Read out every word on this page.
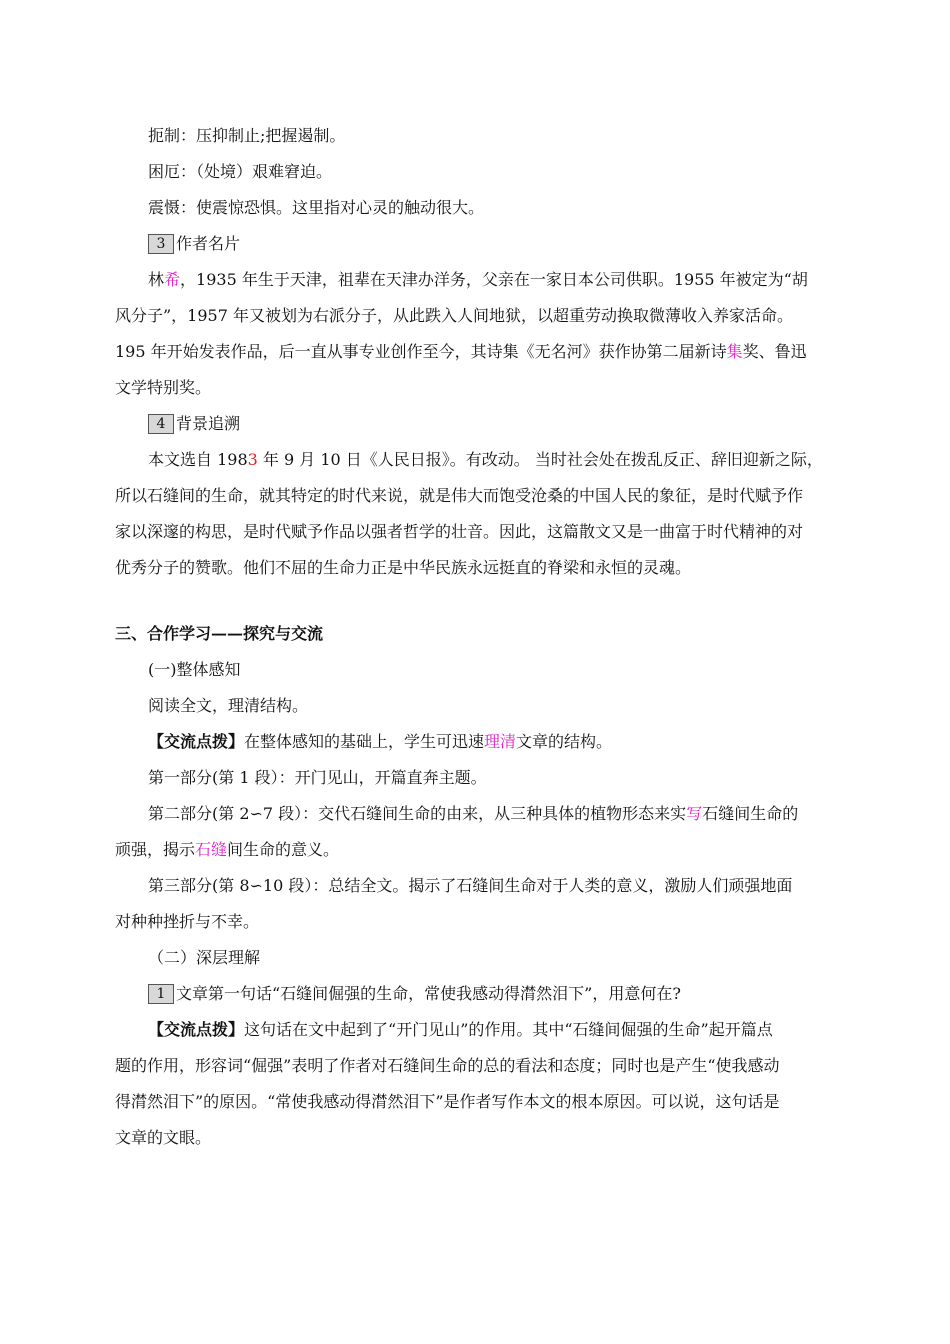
扼制：压抑制止;把握遏制。

困厄：（处境）艰难窘迫。

震慑：使震惊恐惧。这里指对心灵的触动很大。

3 作者名片

林希，1935 年生于天津，祖辈在天津办洋务，父亲在一家日本公司供职。1955 年被定为“胡

风分子”，1957 年又被划为右派分子，从此跌入人间地狱，以超重劳动换取微薄收入养家活命。

195 年开始发表作品，后一直从事专业创作至今，其诗集《无名河》获作协第二届新诗集奖、鲁迅

文学特别奖。

4 背景追溯

本文选自 1983 年 9 月 10 日《人民日报》。有改动。 当时社会处在拨乱反正、辞旧迎新之际，

所以石缝间的生命，就其特定的时代来说，就是伟大而饱受沧桑的中国人民的象征，是时代赋予作

家以深邃的构思，是时代赋予作品以强者哲学的壮音。因此，这篇散文又是一曲富于时代精神的对

优秀分子的赞歌。他们不屈的生命力正是中华民族永远挺直的脊梁和永恒的灵魂。

三、合作学习——探究与交流

(一)整体感知

阅读全文，理清结构。

【交流点拨】在整体感知的基础上，学生可迅速理清文章的结构。

第一部分(第 1 段）：开门见山，开篇直奔主题。

第二部分(第 2∽7 段）：交代石缝间生命的由来，从三种具体的植物形态来实写石缝间生命的

顽强，揭示石缝间生命的意义。

第三部分(第 8∽10 段）：总结全文。揭示了石缝间生命对于人类的意义，激励人们顽强地面

对种种挫折与不幸。

（二）深层理解

1 文章第一句话“石缝间倔强的生命，常使我感动得潸然泪下”，用意何在?

【交流点拨】这句话在文中起到了“开门见山”的作用。其中“石缝间倔强的生命”起开篇点

题的作用，形容词“倔强”表明了作者对石缝间生命的总的看法和态度；同时也是产生“使我感动

得潸然泪下”的原因。“常使我感动得潸然泪下”是作者写作本文的根本原因。可以说，这句话是

文章的文眼。
